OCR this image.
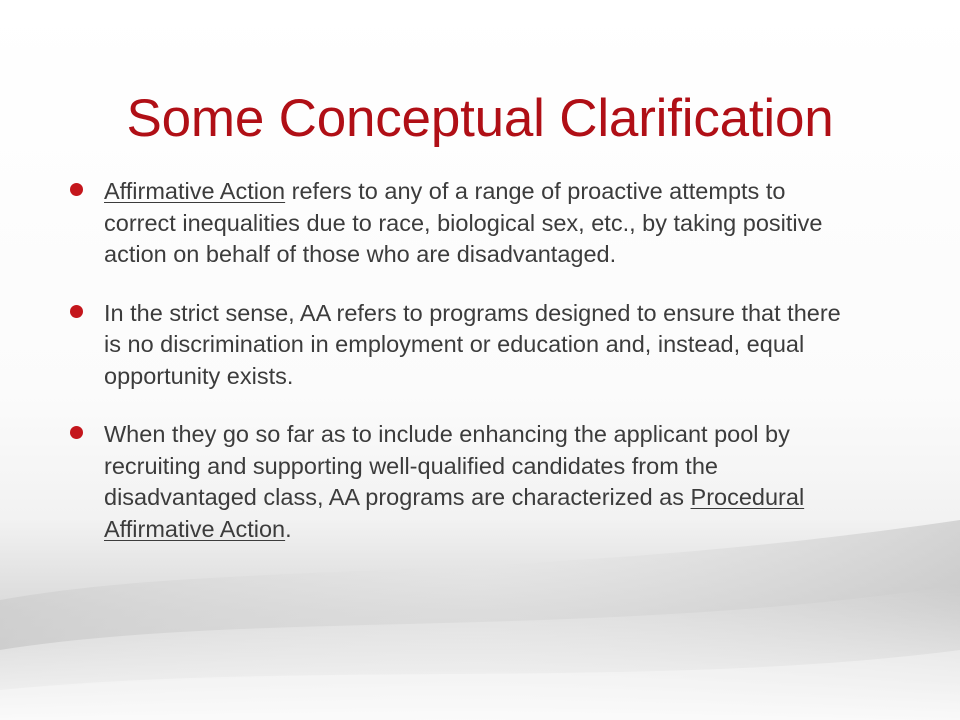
Some Conceptual Clarification
Affirmative Action refers to any of a range of proactive attempts to correct inequalities due to race, biological sex, etc., by taking positive action on behalf of those who are disadvantaged.
In the strict sense, AA refers to programs designed to ensure that there is no discrimination in employment or education and, instead, equal opportunity exists.
When they go so far as to include enhancing the applicant pool by recruiting and supporting well-qualified candidates from the disadvantaged class, AA programs are characterized as Procedural Affirmative Action.
